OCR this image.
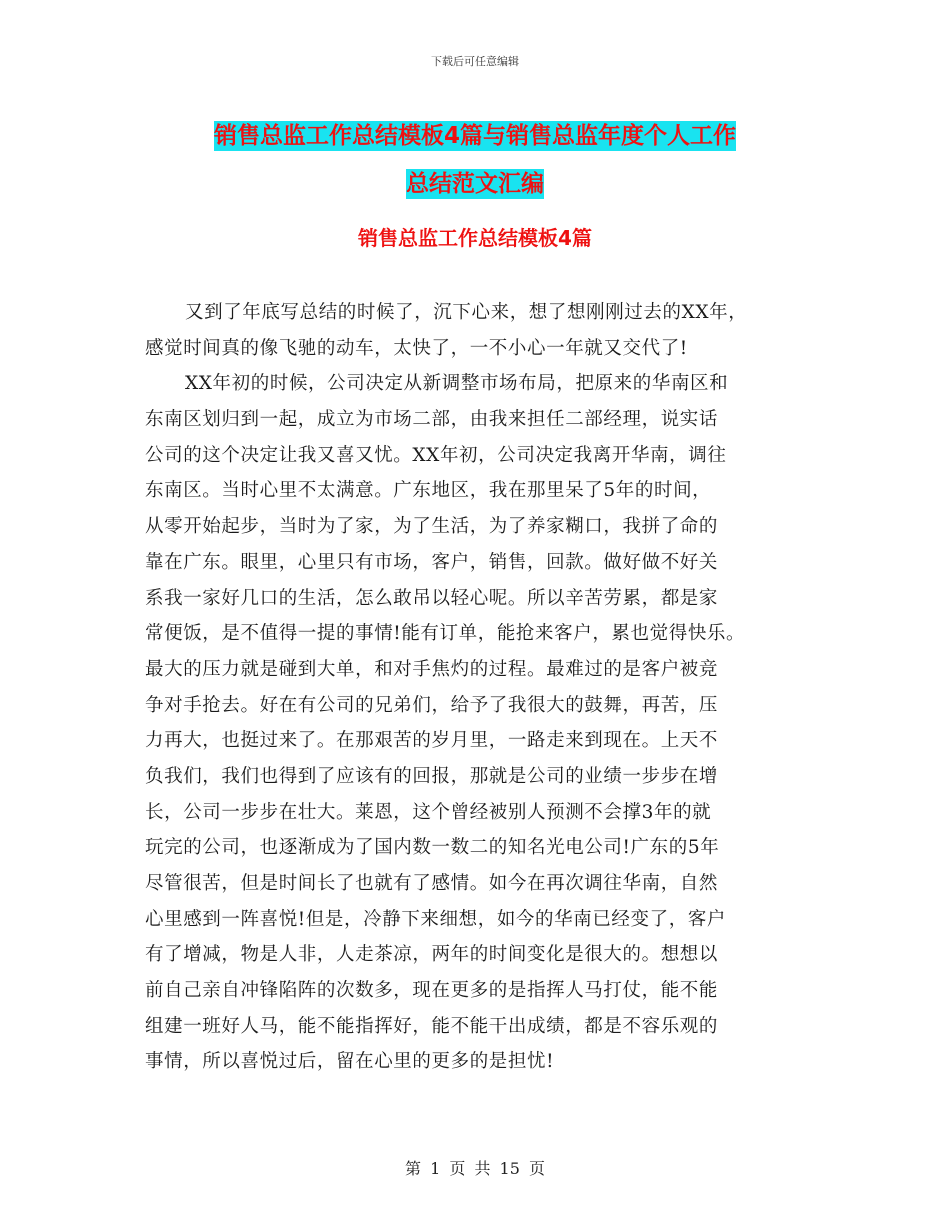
下载后可任意编辑
销售总监工作总结模板4篇与销售总监年度个人工作
总结范文汇编
销售总监工作总结模板4篇
又到了年底写总结的时候了，沉下心来，想了想刚刚过去的XX年，
感觉时间真的像飞驰的动车，太快了，一不小心一年就又交代了!
XX年初的时候，公司决定从新调整市场布局，把原来的华南区和
东南区划归到一起，成立为市场二部，由我来担任二部经理，说实话
公司的这个决定让我又喜又忧。XX年初，公司决定我离开华南，调往
东南区。当时心里不太满意。广东地区，我在那里呆了5年的时间，
从零开始起步，当时为了家，为了生活，为了养家糊口，我拼了命的
靠在广东。眼里，心里只有市场，客户，销售，回款。做好做不好关
系我一家好几口的生活，怎么敢吊以轻心呢。所以辛苦劳累，都是家
常便饭，是不值得一提的事情!能有订单，能抢来客户，累也觉得快乐。
最大的压力就是碰到大单，和对手焦灼的过程。最难过的是客户被竞
争对手抢去。好在有公司的兄弟们，给予了我很大的鼓舞，再苦，压
力再大，也挺过来了。在那艰苦的岁月里，一路走来到现在。上天不
负我们，我们也得到了应该有的回报，那就是公司的业绩一步步在增
长，公司一步步在壮大。莱恩，这个曾经被别人预测不会撑3年的就
玩完的公司，也逐渐成为了国内数一数二的知名光电公司!广东的5年
尽管很苦，但是时间长了也就有了感情。如今在再次调往华南，自然
心里感到一阵喜悦!但是，冷静下来细想，如今的华南已经变了，客户
有了增减，物是人非，人走茶凉，两年的时间变化是很大的。想想以
前自己亲自冲锋陷阵的次数多，现在更多的是指挥人马打仗，能不能
组建一班好人马，能不能指挥好，能不能干出成绩，都是不容乐观的
事情，所以喜悦过后，留在心里的更多的是担忧!
第 1 页 共 15 页
